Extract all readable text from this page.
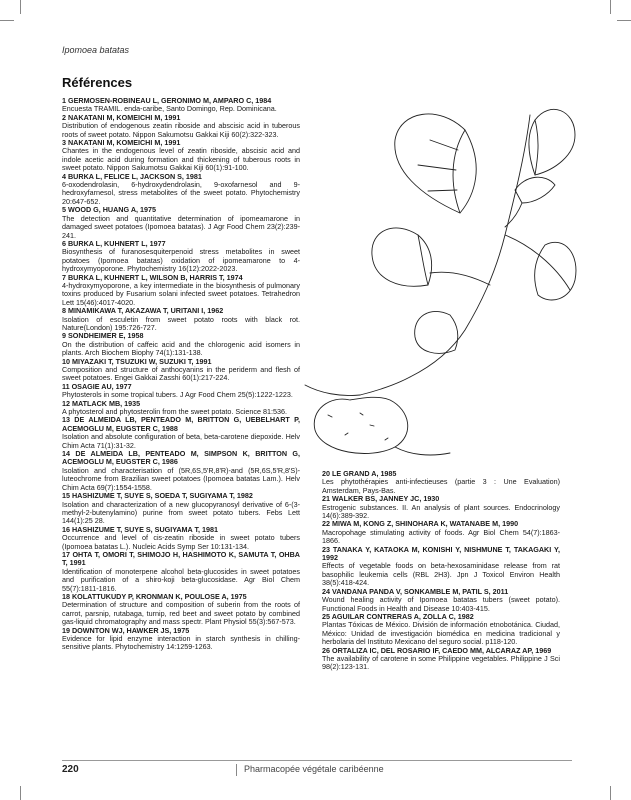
Ipomoea batatas
Références
1 GERMOSEN-ROBINEAU L, GERONIMO M, AMPARO C, 1984
Encuesta TRAMIL. enda-caribe, Santo Domingo, Rep. Dominicana.
2 NAKATANI M, KOMEICHI M, 1991
Distribution of endogenous zeatin riboside and abscisic acid in tuberous roots of sweet potato. Nippon Sakumotsu Gakkai Kiji 60(2):322-323.
3 NAKATANI M, KOMEICHI M, 1991
Chantes in the endogenous level of zeatin riboside, abscisic acid and indole acetic acid during formation and thickening of tuberous roots in sweet potato. Nippon Sakumotsu Gakkai Kiji 60(1):91-100.
4 BURKA L, FELICE L, JACKSON S, 1981
6-oxodendrolasin, 6-hydroxydendrolasin, 9-oxofarnesol and 9-hedroxyfarnesol, stress metabolites of the sweet potato. Phytochemistry 20:647-652.
5 WOOD G, HUANG A, 1975
The detection and quantitative determination of ipomeamarone in damaged sweet potatoes (Ipomoea batatas). J Agr Food Chem 23(2):239-241.
6 BURKA L, KUHNERT L, 1977
Biosynthesis of furanosesquiterpenoid stress metabolites in sweet potatoes (Ipomoea batatas) oxidation of ipomeamarone to 4-hydroxymyoporone. Phytochemistry 16(12):2022-2023.
7 BURKA L, KUHNERT L, WILSON B, HARRIS T, 1974
4-hydroxymyoporone, a key intermediate in the biosynthesis of pulmonary toxins produced by Fusarium solani infected sweet potatoes. Tetrahedron Lett 15(46):4017-4020.
8 MINAMIKAWA T, AKAZAWA T, URITANI I, 1962
Isolation of esculetin from sweet potato roots with black rot. Nature(London) 195:726-727.
9 SONDHEIMER E, 1958
On the distribution of caffeic acid and the chlorogenic acid isomers in plants. Arch Biochem Biophy 74(1):131-138.
10 MIYAZAKI T, TSUZUKI W, SUZUKI T, 1991
Composition and structure of anthocyanins in the periderm and flesh of sweet potatoes. Engei Gakkai Zasshi 60(1):217-224.
11 OSAGIE AU, 1977
Phytosterols in some tropical tubers. J Agr Food Chem 25(5):1222-1223.
12 MATLACK MB, 1935
A phytosterol and phytosterolin from the sweet potato. Science 81:536.
13 DE ALMEIDA LB, PENTEADO M, BRITTON G, UEBELHART P, ACEMOGLU M, EUGSTER C, 1988
Isolation and absolute configuration of beta, beta-carotene diepoxide. Helv Chim Acta 71(1):31-32.
14 DE ALMEIDA LB, PENTEADO M, SIMPSON K, BRITTON G, ACEMOGLU M, EUGSTER C, 1986
Isolation and characterisation of (5R,6S,5'R,8'R)-and (5R,6S,5'R,8'S)-luteochrome from Brazilian sweet potatoes (Ipomoea batatas Lam.). Helv Chim Acta 69(7):1554-1558.
15 HASHIZUME T, SUYE S, SOEDA T, SUGIYAMA T, 1982
Isolation and characterization of a new glucopyranosyl derivative of 6-(3-methyl-2-butenylamino) purine from sweet potato tubers. Febs Lett 144(1):25 28.
16 HASHIZUME T, SUYE S, SUGIYAMA T, 1981
Occurrence and level of cis-zeatin riboside in sweet potato tubers (Ipomoea batatas L.). Nucleic Acids Symp Ser 10:131-134.
17 OHTA T, OMORI T, SHIMOJO H, HASHIMOTO K, SAMUTA T, OHBA T, 1991
Identification of monoterpene alcohol beta-glucosides in sweet potatoes and purification of a shiro-koji beta-glucosidase. Agr Biol Chem 55(7):1811-1816.
18 KOLATTUKUDY P, KRONMAN K, POULOSE A, 1975
Determination of structure and composition of suberin from the roots of carrot, parsnip, rutabaga, turnip, red beet and sweet potato by combined gas-liquid chromatography and mass spectr. Plant Physiol 55(3):567-573.
19 DOWNTON WJ, HAWKER JS, 1975
Evidence for lipid enzyme interaction in starch synthesis in chilling-sensitive plants. Phytochemistry 14:1259-1263.
20 LE GRAND A, 1985
Les phytothérapies anti-infectieuses (partie 3 : Une Evaluation) Amsterdam, Pays-Bas.
21 WALKER BS, JANNEY JC, 1930
Estrogenic substances. II. An analysis of plant sources. Endocrinology 14(6):389-392.
22 MIWA M, KONG Z, SHINOHARA K, WATANABE M, 1990
Macropohage stimulating activity of foods. Agr Biol Chem 54(7):1863-1866.
23 TANAKA Y, KATAOKA M, KONISHI Y, NISHMUNE T, TAKAGAKI Y, 1992
Effects of vegetable foods on beta-hexosaminidase release from rat basophilic leukemia cells (RBL 2H3). Jpn J Toxicol Environ Health 38(5):418-424.
24 VANDANA PANDA V, SONKAMBLE M, PATIL S, 2011
Wound healing activity of Ipomoea batatas tubers (sweet potato). Functional Foods in Health and Disease 10:403-415.
25 AGUILAR CONTRERAS A, ZOLLA C, 1982
Plantas Tóxicas de México. División de información etnobotánica. Ciudad, México: Unidad de investigación biomédica en medicina tradicional y herbolaria del Instituto Mexicano del seguro social. p118-120.
26 ORTALIZA IC, DEL ROSARIO IF, CAEDO MM, ALCARAZ AP, 1969
The availability of carotene in some Philippine vegetables. Philippine J Sci 98(2):123-131.
220	Pharmacopée végétale caribéenne
